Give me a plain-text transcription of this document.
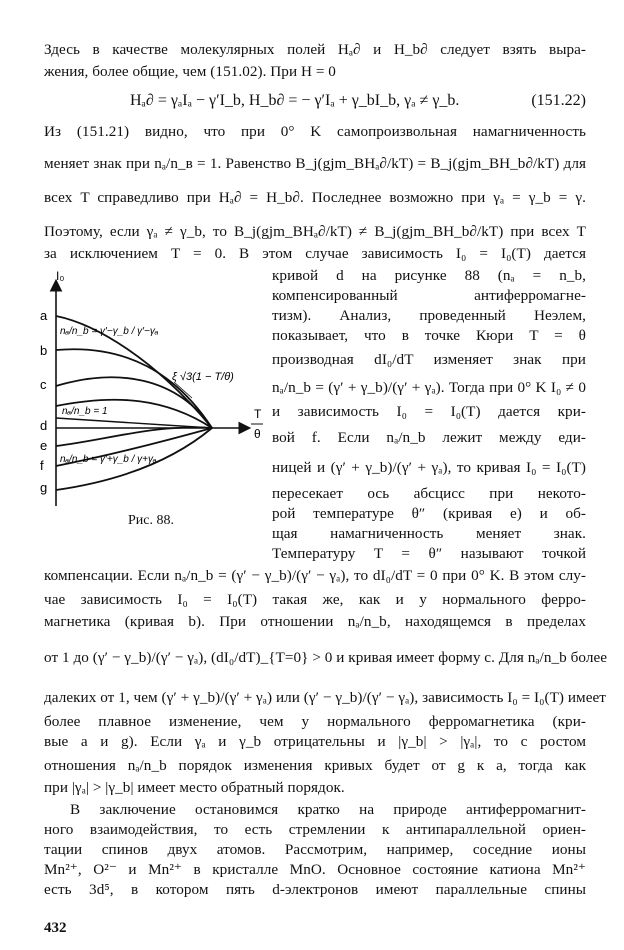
Здесь в качестве молекулярных полей Hₐ∂ и H_b∂ следует взять выра-
жения, более общие, чем (151.02). При H = 0
Hₐ∂ = γₐIₐ − γ′I_b, H_b∂ = − γ′Iₐ + γ_bI_b, γₐ ≠ γ_b.	(151.22)
Из (151.21) видно, что при 0° K самопроизвольная намагниченность
меняет знак при nₐ/n_в = 1. Равенство B_j(gjm_BHₐ∂/kT) = B_j(gjm_BH_b∂/kT) для
всех T справедливо при Hₐ∂ = H_b∂. Последнее возможно при γₐ = γ_b = γ.
Поэтому, если γₐ ≠ γ_b, то B_j(gjm_BHₐ∂/kT) ≠ B_j(gjm_BH_b∂/kT) при всех T
за исключением T = 0. В этом случае зависимость I₀ = I₀(T) дается
кривой d на рисунке 88 (nₐ = n_b,
компенсированный антиферромагне-
тизм). Анализ, проведенный Неэлем,
показывает, что в точке Кюри T = θ
производная dI₀/dT изменяет знак при
nₐ/n_b = (γ′ + γ_b)/(γ′ + γₐ). Тогда при 0° K I₀ ≠ 0
и зависимость I₀ = I₀(T) дается кри-
вой f. Если nₐ/n_b лежит между еди-
ницей и (γ′ + γ_b)/(γ′ + γₐ), то кривая I₀ = I₀(T)
пересекает ось абсцисс при некото-
рой температуре θ″ (кривая e) и об-
щая намагниченность меняет знак.
Температуру T = θ″ называют точкой
компенсации. Если nₐ/n_b = (γ′ − γ_b)/(γ′ − γₐ), то dI₀/dT = 0 при 0° K. В этом слу-
чае зависимость I₀ = I₀(T) такая же, как и у нормального ферро-
магнетика (кривая b). При отношении nₐ/n_b, находящемся в пределах
от 1 до (γ′ − γ_b)/(γ′ − γₐ), (dI₀/dT)_{T=0} > 0 и кривая имеет форму c. Для nₐ/n_b более
далеких от 1, чем (γ′ + γ_b)/(γ′ + γₐ) или (γ′ − γ_b)/(γ′ − γₐ), зависимость I₀ = I₀(T) имеет
более плавное изменение, чем у нормального ферромагнетика (кри-
вые a и g). Если γₐ и γ_b отрицательны и |γ_b| > |γₐ|, то с ростом
отношения nₐ/n_b порядок изменения кривых будет от g к a, тогда как
при |γₐ| > |γ_b| имеет место обратный порядок.
В заключение остановимся кратко на природе антиферромагнит-
ного взаимодействия, то есть стремлении к антипараллельной ориен-
тации спинов двух атомов. Рассмотрим, например, соседние ионы
Mn²⁺, O²⁻ и Mn²⁺ в кристалле MnO. Основное состояние катиона Mn²⁺
есть 3d⁵, в котором пять d-электронов имеют параллельные спины
432
I₀
T
θ
a
b
c
d
e
f
g
nₐ/n_b = γ′−γ_b / γ′−γₐ
nₐ/n_b = 1
nₐ/n_b = γ′+γ_b / γ+γₐ
ξ √3(1 − T/θ)
Рис. 88.
